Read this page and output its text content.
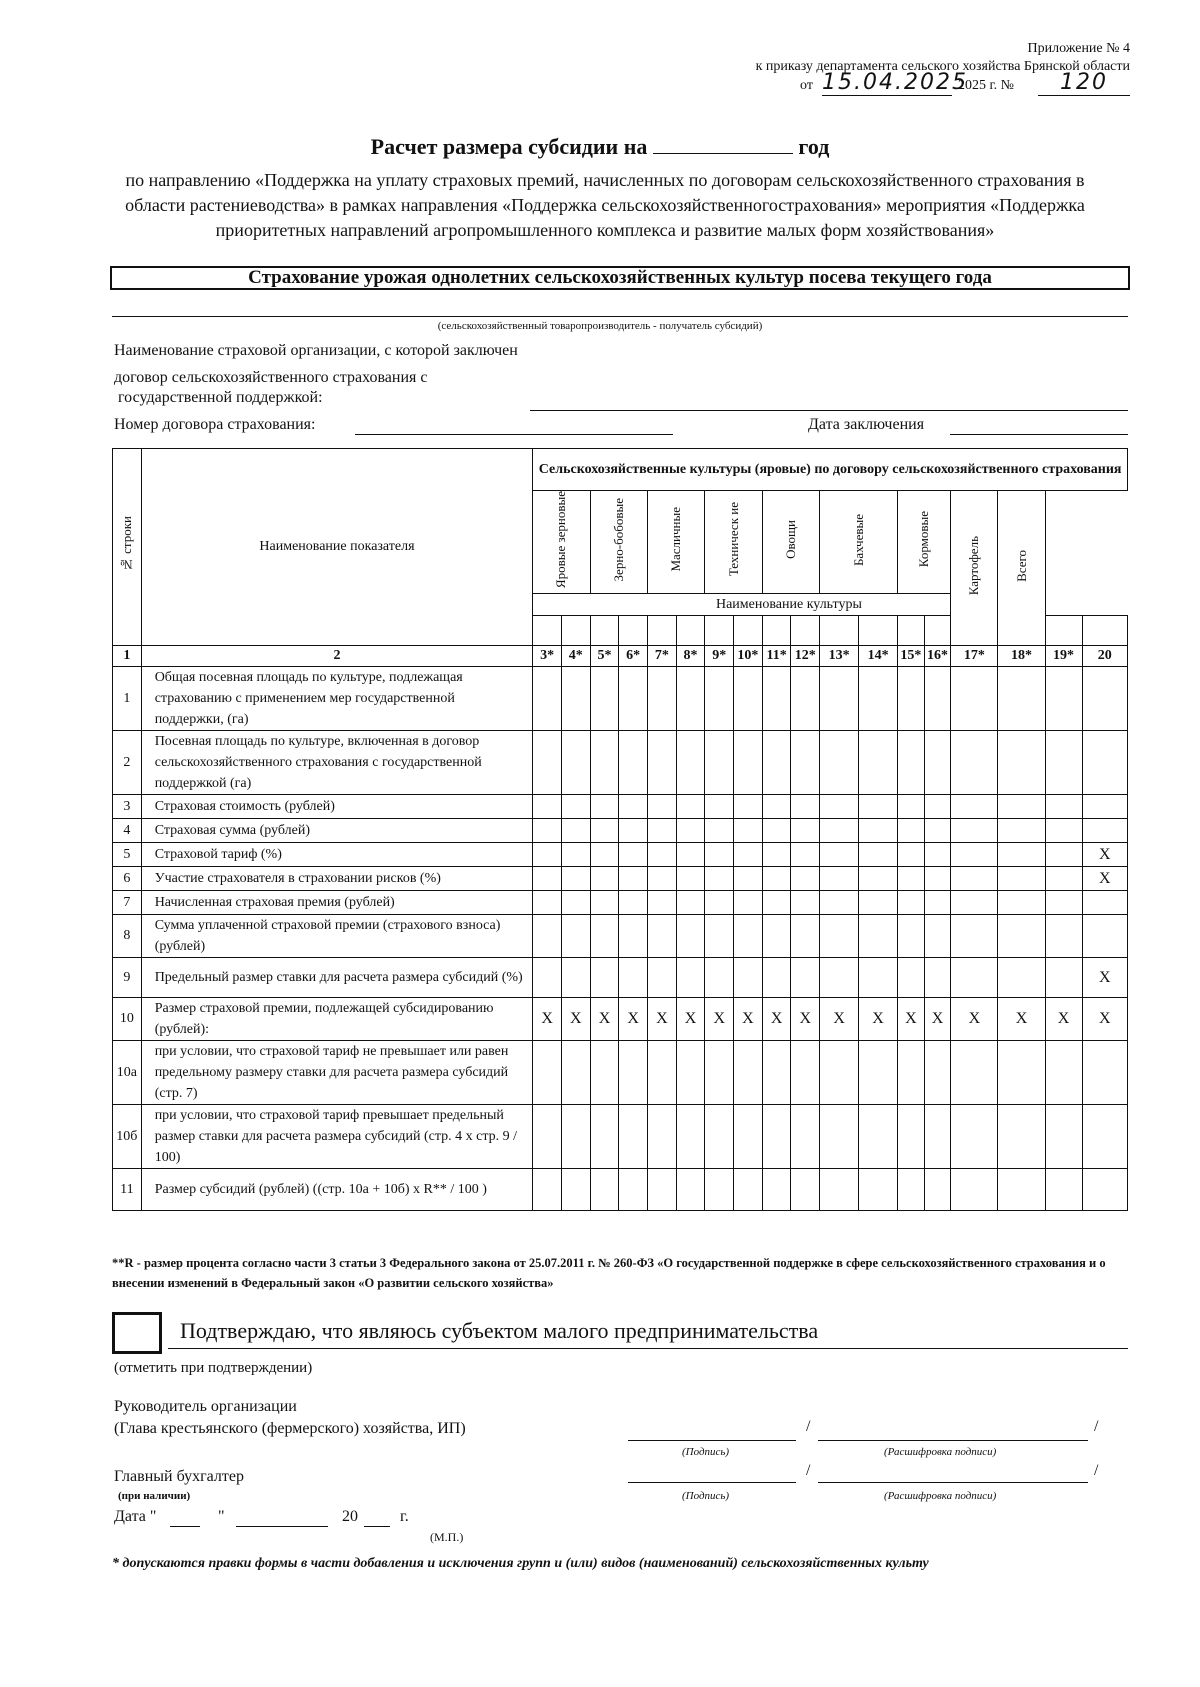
Приложение № 4
к приказу департамента сельского хозяйства Брянской области
от 15.04.2025
2025 г. №	120
Расчет размера субсидии на	год
по направлению «Поддержка на уплату страховых премий, начисленных по договорам сельскохозяйственного страхования в области растениеводства» в рамках направления «Поддержка сельскохозяйственногострахования» мероприятия «Поддержка приоритетных направлений агропромышленного комплекса и развитие малых форм хозяйствования»
Страхование урожая однолетних сельскохозяйственных культур посева текущего года
(сельскохозяйственный товаропроизводитель - получатель субсидий)
Наименование страховой организации, с которой заключен
договор сельскохозяйственного страхования с
государственной поддержкой:
Номер договора страхования:	Дата заключения
№ строки	Наименование показателя	Сельскохозяйственные культуры (яровые) по договору сельскохозяйственного страхования																	
		Яровые зерновые		Зерно-бобовые		Масличные		Техническ ие		Овощи		Бахчевые		Кормовые		Картофель	Всего		
		Наименование культуры																	

1	2	3*	4*	5*	6*	7*	8*	9*	10*	11*	12*	13*	14*	15*	16*	17*	18*	19*	20
1	Общая посевная площадь по культуре, подлежащая страхованию с применением мер государственной поддержки, (га)																		
2	Посевная площадь по культуре, включенная в договор сельскохозяйственного страхования с государственной поддержкой (га)																		
3	Страховая стоимость (рублей)																		
4	Страховая сумма (рублей)																		
5	Страховой тариф (%)																		X
6	Участие страхователя в страховании рисков (%)																		X
7	Начисленная страховая премия (рублей)																		
8	Сумма уплаченной страховой премии (страхового взноса) (рублей)																		
9	Предельный размер ставки для расчета размера субсидий (%)																		X
10	Размер страховой премии, подлежащей субсидированию (рублей):	X	X	X	X	X	X	X	X	X	X	X	X	X	X	X	X	X	X
10а	при условии, что страховой тариф не превышает или равен предельному размеру ставки для расчета размера субсидий (стр. 7)																		
10б	при условии, что страховой тариф превышает предельный размер ставки для расчета размера субсидий (стр. 4 х стр. 9 / 100)																		
11	Размер субсидий (рублей) ((стр. 10а + 10б) x R** / 100 )																		
**R - размер процента согласно части 3 статьи 3 Федерального закона от 25.07.2011 г. № 260-ФЗ «О государственной поддержке в сфере сельскохозяйственного страхования и о внесении изменений в Федеральный закон «О развитии сельского хозяйства»
Подтверждаю, что являюсь субъектом малого предпринимательства
(отметить при подтверждении)
Руководитель организации
(Глава крестьянского (фермерского) хозяйства, ИП)	/	/
(Подпись)	(Расшифровка подписи)
Главный бухгалтер	/	/
(при наличии)	(Подпись)	(Расшифровка подписи)
Дата "	"	20	г.
(М.П.)
* допускаются правки формы в части добавления и исключения групп и (или) видов (наименований) сельскохозяйственных культу
